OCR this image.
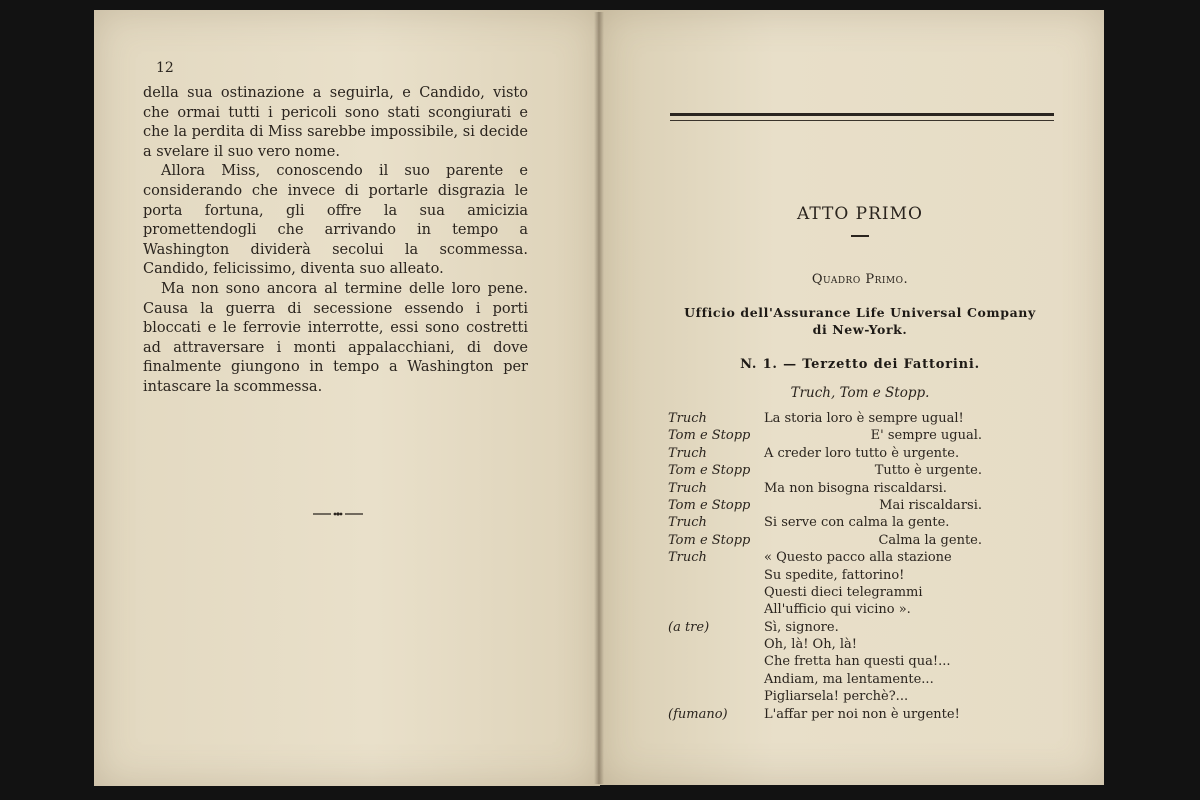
12

della sua ostinazione a seguirla, e Candido, visto che ormai tutti i pericoli sono stati scongiurati e che la perdita di Miss sarebbe impossibile, si decide a svelare il suo vero nome.

Allora Miss, conoscendo il suo parente e considerando che invece di portarle disgrazia le porta fortuna, gli offre la sua amicizia promettendogli che arrivando in tempo a Washington dividerà secolui la scommessa. Candido, felicissimo, diventa suo alleato.

Ma non sono ancora al termine delle loro pene. Causa la guerra di secessione essendo i porti bloccati e le ferrovie interrotte, essi sono costretti ad attraversare i monti appalacchiani, di dove finalmente giungono in tempo a Washington per intascare la scommessa.

ATTO PRIMO
Quadro Primo.
Ufficio dell'Assurance Life Universal Company
di New-York.
N. 1. — Terzetto dei Fattorini.
Truch, Tom e Stopp.
Truch	La storia loro è sempre ugual!
Tom e Stopp	E' sempre ugual.
Truch	A creder loro tutto è urgente.
Tom e Stopp	Tutto è urgente.
Truch	Ma non bisogna riscaldarsi.
Tom e Stopp	Mai riscaldarsi.
Truch	Si serve con calma la gente.
Tom e Stopp	Calma la gente.
Truch	« Questo pacco alla stazione
Su spedite, fattorino!
Questi dieci telegrammi
All'ufficio qui vicino ».
(a tre)	Sì, signore.
Oh, là! Oh, là!
Che fretta han questi qua!...
Andiam, ma lentamente...
Pigliarsela! perchè?...
(fumano)	L'affar per noi non è urgente!
